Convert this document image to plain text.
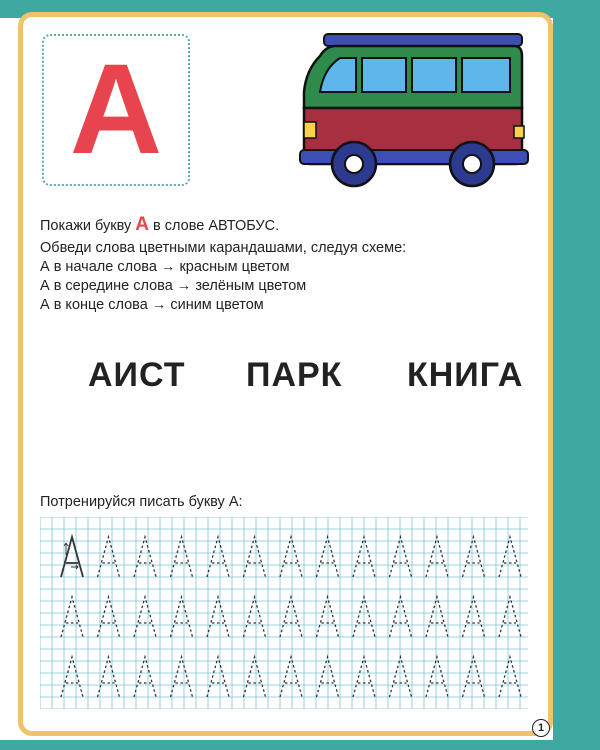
А
Покажи букву А в слове АВТОБУС.
Обведи слова цветными карандашами, следуя схеме:
А в начале слова → красным цветом
А в середине слова → зелёным цветом
А в конце слова → синим цветом
АИСТ ПАРК КНИГА
Потренируйся писать букву А:
1
